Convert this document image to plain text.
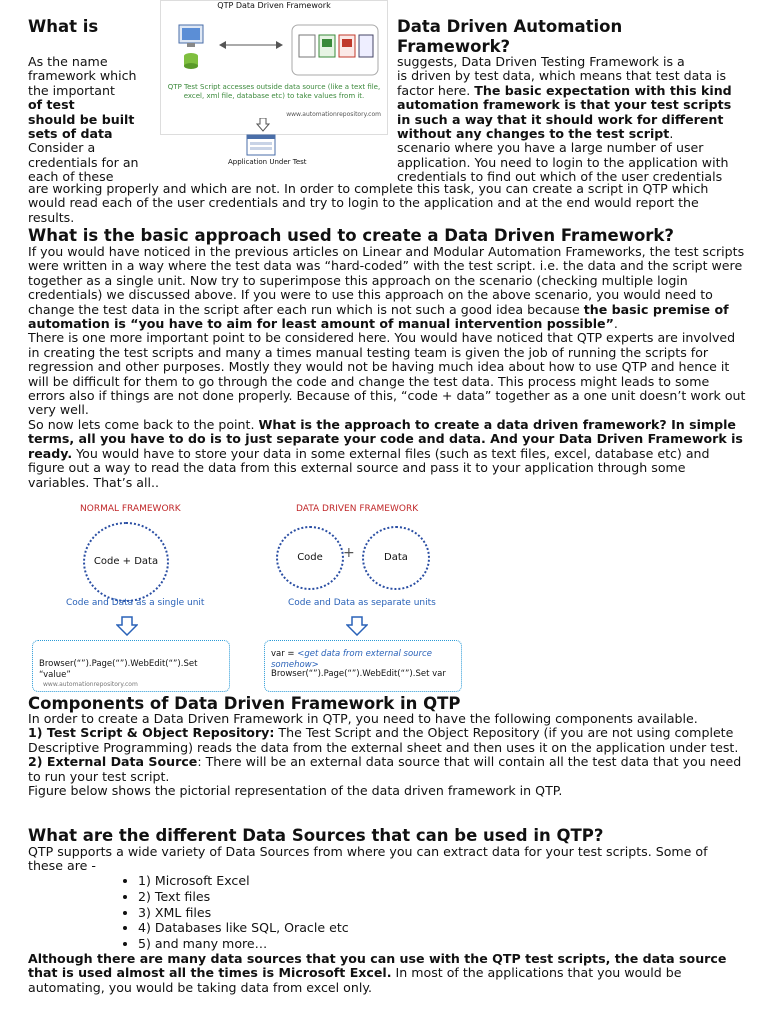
What is	Data Driven Automation
Framework?
QTP Data Driven Framework
QTP Test Script accesses outside data source (like a text file, excel, xml file, database etc) to take values from it.
www.automationrepository.com
Application Under Test

As the name

framework which

the important

of test

should be built

sets of data

Consider a

credentials for an

each of these

suggests, Data Driven Testing Framework is a

is driven by test data, which means that test data is

factor here. The basic expectation with this kind

automation framework is that your test scripts

in such a way that it should work for different

without any changes to the test script.

scenario where you have a large number of user

application. You need to login to the application with

credentials to find out which of the user credentials

are working properly and which are not. In order to complete this task, you can create a script in QTP which

would read each of the user credentials and try to login to the application and at the end would report the

results.

What is the basic approach used to create a Data Driven Framework?

If you would have noticed in the previous articles on Linear and Modular Automation Frameworks, the test scripts were written in a way where the test data was “hard-coded” with the test script. i.e. the data and the script were together as a single unit. Now try to superimpose this approach on the scenario (checking multiple login credentials) we discussed above. If you were to use this approach on the above scenario, you would need to change the test data in the script after each run which is not such a good idea because the basic premise of automation is “you have to aim for least amount of manual intervention possible”.

There is one more important point to be considered here. You would have noticed that QTP experts are involved in creating the test scripts and many a times manual testing team is given the job of running the scripts for regression and other purposes. Mostly they would not be having much idea about how to use QTP and hence it will be difficult for them to go through the code and change the test data. This process might leads to some errors also if things are not done properly. Because of this, “code + data” together as a one unit doesn’t work out very well.

So now lets come back to the point. What is the approach to create a data driven framework? In simple terms, all you have to do is to just separate your code and data. And your Data Driven Framework is ready. You would have to store your data in some external files (such as text files, excel, database etc) and figure out a way to read the data from this external source and pass it to your application through some variables. That’s all..

NORMAL FRAMEWORK	DATA DRIVEN FRAMEWORK
Code + Data	Code +	Data
Code and Data as a single unit	Code and Data as separate units
Browser(“”).Page(“”).WebEdit(“”).Set “value”
www.automationrepository.com
var = <get data from external source somehow>
Browser(“”).Page(“”).WebEdit(“”).Set var
Components of Data Driven Framework in QTP

In order to create a Data Driven Framework in QTP, you need to have the following components available.

1) Test Script & Object Repository: The Test Script and the Object Repository (if you are not using complete Descriptive Programming) reads the data from the external sheet and then uses it on the application under test.

2) External Data Source: There will be an external data source that will contain all the test data that you need to run your test script.

Figure below shows the pictorial representation of the data driven framework in QTP.

What are the different Data Sources that can be used in QTP?
QTP supports a wide variety of Data Sources from where you can extract data for your test scripts. Some of these are -
• 1) Microsoft Excel
• 2) Text files
• 3) XML files
• 4) Databases like SQL, Oracle etc
• 5) and many more…

Although there are many data sources that you can use with the QTP test scripts, the data source that is used almost all the times is Microsoft Excel. In most of the applications that you would be automating, you would be taking data from excel only.
